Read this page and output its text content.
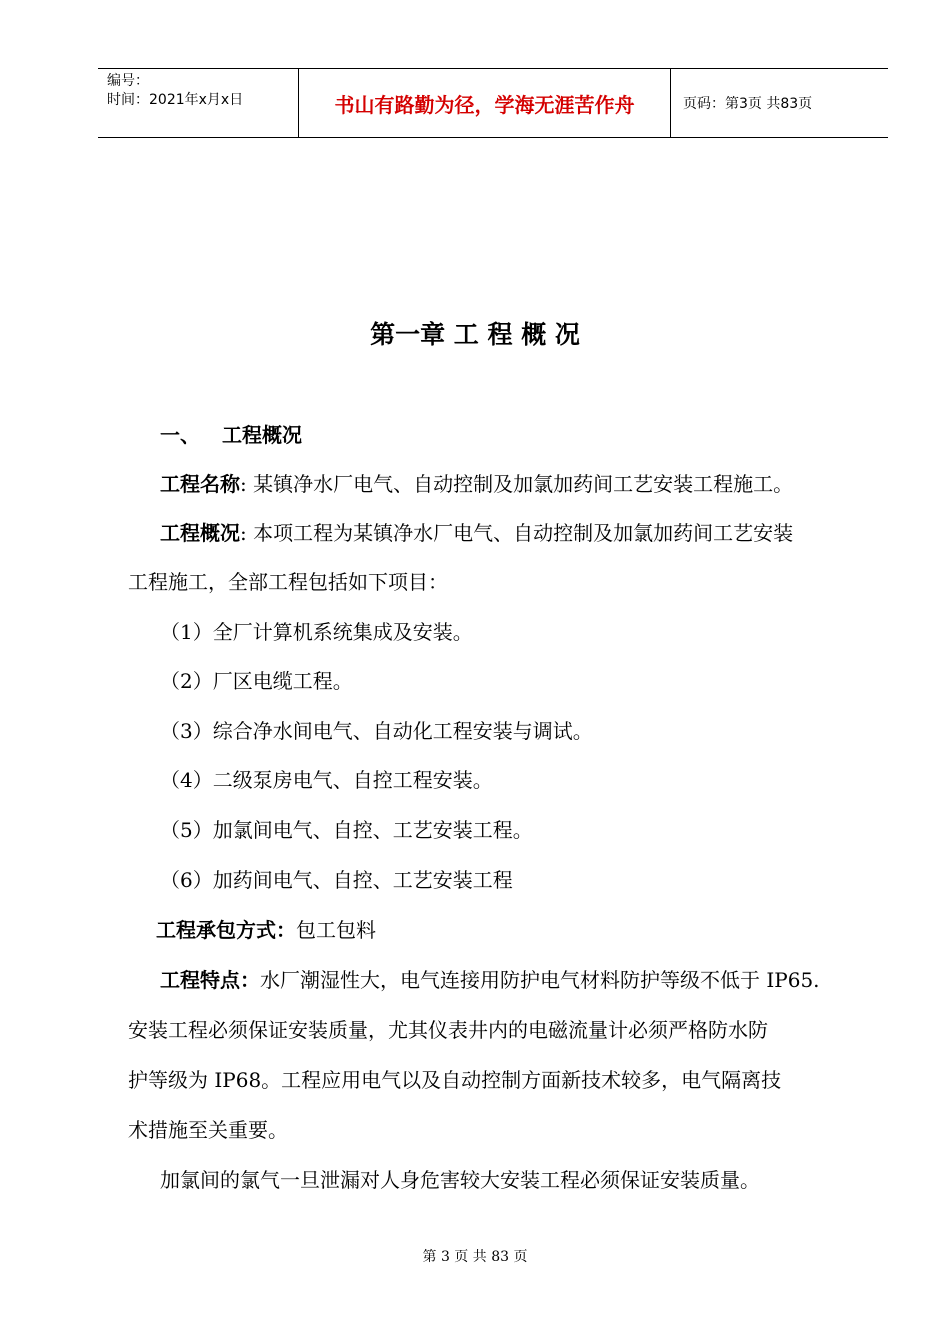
编号：
时间：2021年x月x日	书山有路勤为径，学海无涯苦作舟	页码：第3页 共83页
第一章 工 程 概 况
一、 工程概况
工程名称: 某镇净水厂电气、自动控制及加氯加药间工艺安装工程施工。
工程概况: 本项工程为某镇净水厂电气、自动控制及加氯加药间工艺安装
工程施工，全部工程包括如下项目：
（1）全厂计算机系统集成及安装。
（2）厂区电缆工程。
（3）综合净水间电气、自动化工程安装与调试。
（4）二级泵房电气、自控工程安装。
（5）加氯间电气、自控、工艺安装工程。
（6）加药间电气、自控、工艺安装工程
工程承包方式：包工包料
工程特点：水厂潮湿性大，电气连接用防护电气材料防护等级不低于 IP65.
安装工程必须保证安装质量，尤其仪表井内的电磁流量计必须严格防水防
护等级为 IP68。工程应用电气以及自动控制方面新技术较多，电气隔离技
术措施至关重要。
加氯间的氯气一旦泄漏对人身危害较大安装工程必须保证安装质量。
第 3 页 共 83 页
